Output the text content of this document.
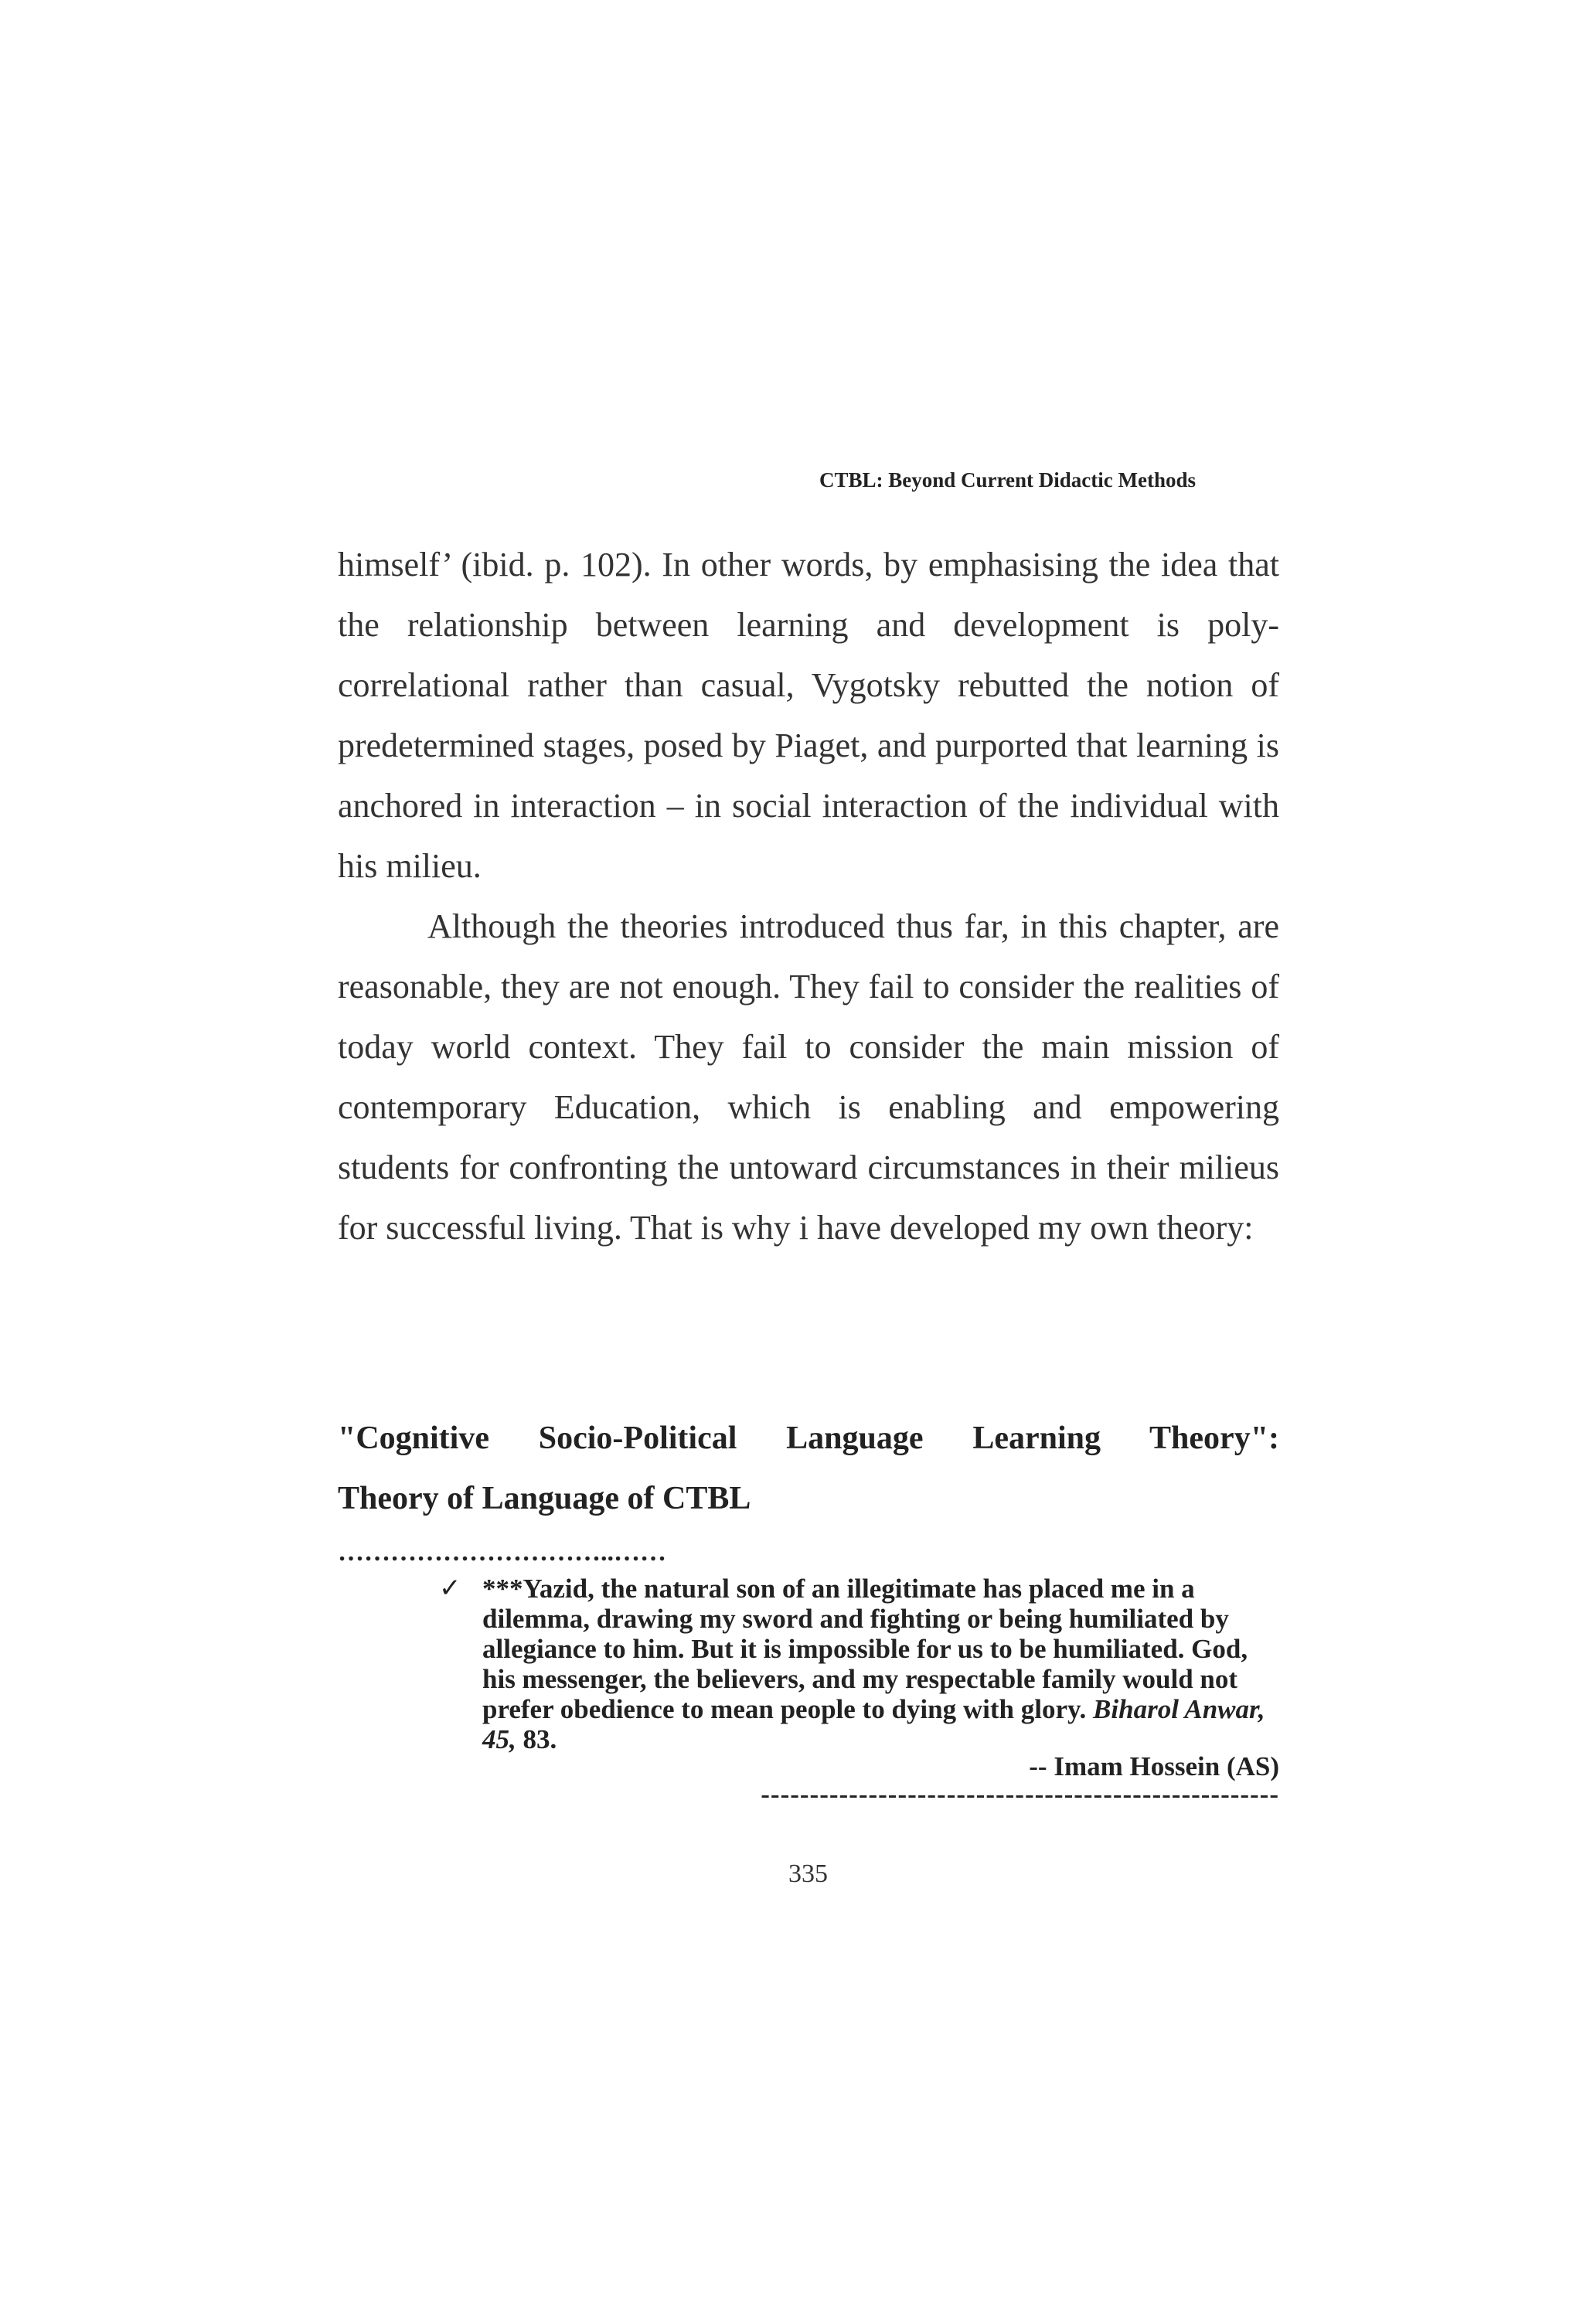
CTBL: Beyond Current Didactic Methods

himself’ (ibid. p. 102). In other words, by emphasising the idea that the relationship between learning and development is poly-correlational rather than casual, Vygotsky rebutted the notion of predetermined stages, posed by Piaget, and purported that learning is anchored in interaction – in social interaction of the individual with his milieu.

Although the theories introduced thus far, in this chapter, are reasonable, they are not enough. They fail to consider the realities of today world context. They fail to consider the main mission of contemporary Education, which is enabling and empowering students for confronting the untoward circumstances in their milieus for successful living. That is why i have developed my own theory:

"Cognitive Socio-Political Language Learning Theory":
Theory of Language of CTBL
…………………………..……
✓ ***Yazid, the natural son of an illegitimate has placed me in a dilemma, drawing my sword and fighting or being humiliated by allegiance to him. But it is impossible for us to be humiliated. God, his messenger, the believers, and my respectable family would not prefer obedience to mean people to dying with glory. Biharol Anwar, 45, 83.
-- Imam Hossein (AS)
-----------------------------------------------------
335
